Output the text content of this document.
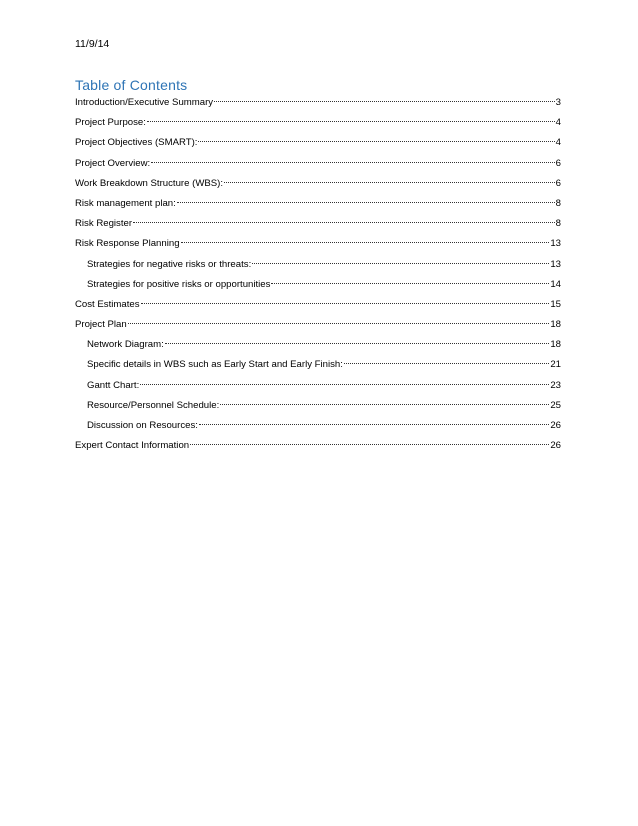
11/9/14
Table of Contents
Introduction/Executive Summary	3
Project Purpose:	4
Project Objectives (SMART):	4
Project Overview:	6
Work Breakdown Structure (WBS):	6
Risk management plan:	8
Risk Register	8
Risk Response Planning	13
Strategies for negative risks or threats:	13
Strategies for positive risks or opportunities	14
Cost Estimates	15
Project Plan	18
Network Diagram:	18
Specific details in WBS such as Early Start and Early Finish:	21
Gantt Chart:	23
Resource/Personnel Schedule:	25
Discussion on Resources:	26
Expert Contact Information	26
